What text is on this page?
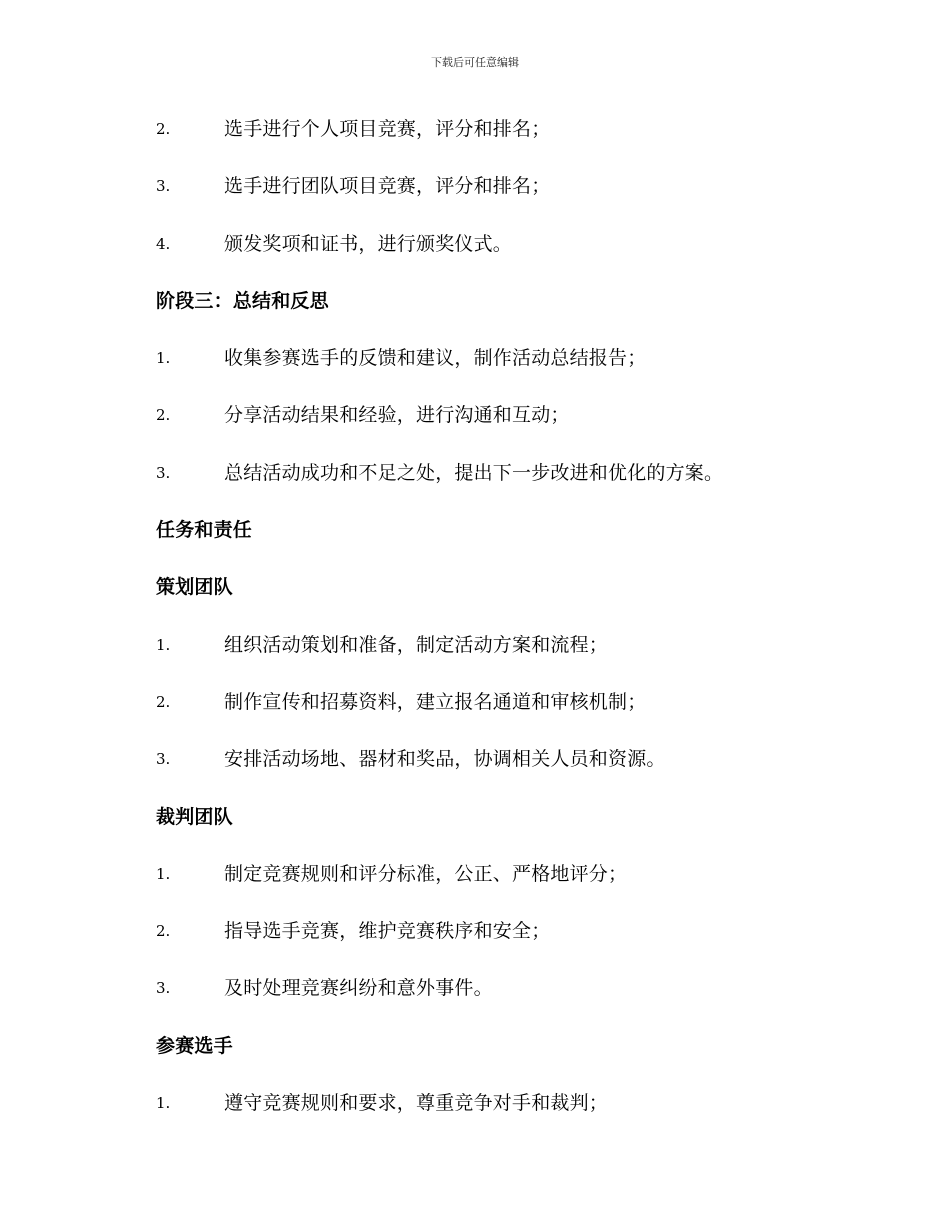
下载后可任意编辑
2.	选手进行个人项目竞赛，评分和排名；
3.	选手进行团队项目竞赛，评分和排名；
4.	颁发奖项和证书，进行颁奖仪式。
阶段三：总结和反思
1.	收集参赛选手的反馈和建议，制作活动总结报告；
2.	分享活动结果和经验，进行沟通和互动；
3.	总结活动成功和不足之处，提出下一步改进和优化的方案。
任务和责任
策划团队
1.	组织活动策划和准备，制定活动方案和流程；
2.	制作宣传和招募资料，建立报名通道和审核机制；
3.	安排活动场地、器材和奖品，协调相关人员和资源。
裁判团队
1.	制定竞赛规则和评分标准，公正、严格地评分；
2.	指导选手竞赛，维护竞赛秩序和安全；
3.	及时处理竞赛纠纷和意外事件。
参赛选手
1.	遵守竞赛规则和要求，尊重竞争对手和裁判；
